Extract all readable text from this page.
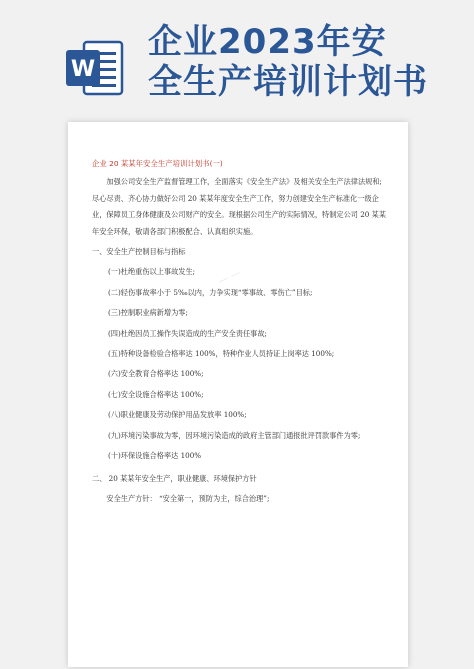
W
企业2023年安
全生产培训计划书
— —
企业 20 某某年安全生产培训计划书(一)

加强公司安全生产监督管理工作，全面落实《安全生产法》及相关安全生产法律法规和;尽心尽责、齐心协力做好公司 20 某某年度安全生产工作，努力创建安全生产标准化一级企业，保障员工身体健康及公司财产的安全。现根据公司生产的实际情况，特制定公司 20 某某年安全环保，敬请各部门积极配合、认真组织实施。

一、安全生产控制目标与指标

(一)杜绝重伤以上事故发生;
(二)轻伤事故率小于 5‰以内，力争实现“零事故、零伤亡”目标;
(三)控制职业病新增为零;
(四)杜绝因员工操作失误造成的生产安全责任事故;
(五)特种设备检验合格率达 100%，特种作业人员持证上岗率达 100%;
(六)安全教育合格率达 100%;
(七)安全设施合格率达 100%;
(八)职业健康及劳动保护用品发放率 100%;
(九)环境污染事故为零，因环境污染造成的政府主管部门通报批评罚款事件为零;
(十)环保设施合格率达 100%

二、 20 某某年安全生产，职业健康、环境保护方针

安全生产方针： “安全第一，预防为主，综合治理”;
